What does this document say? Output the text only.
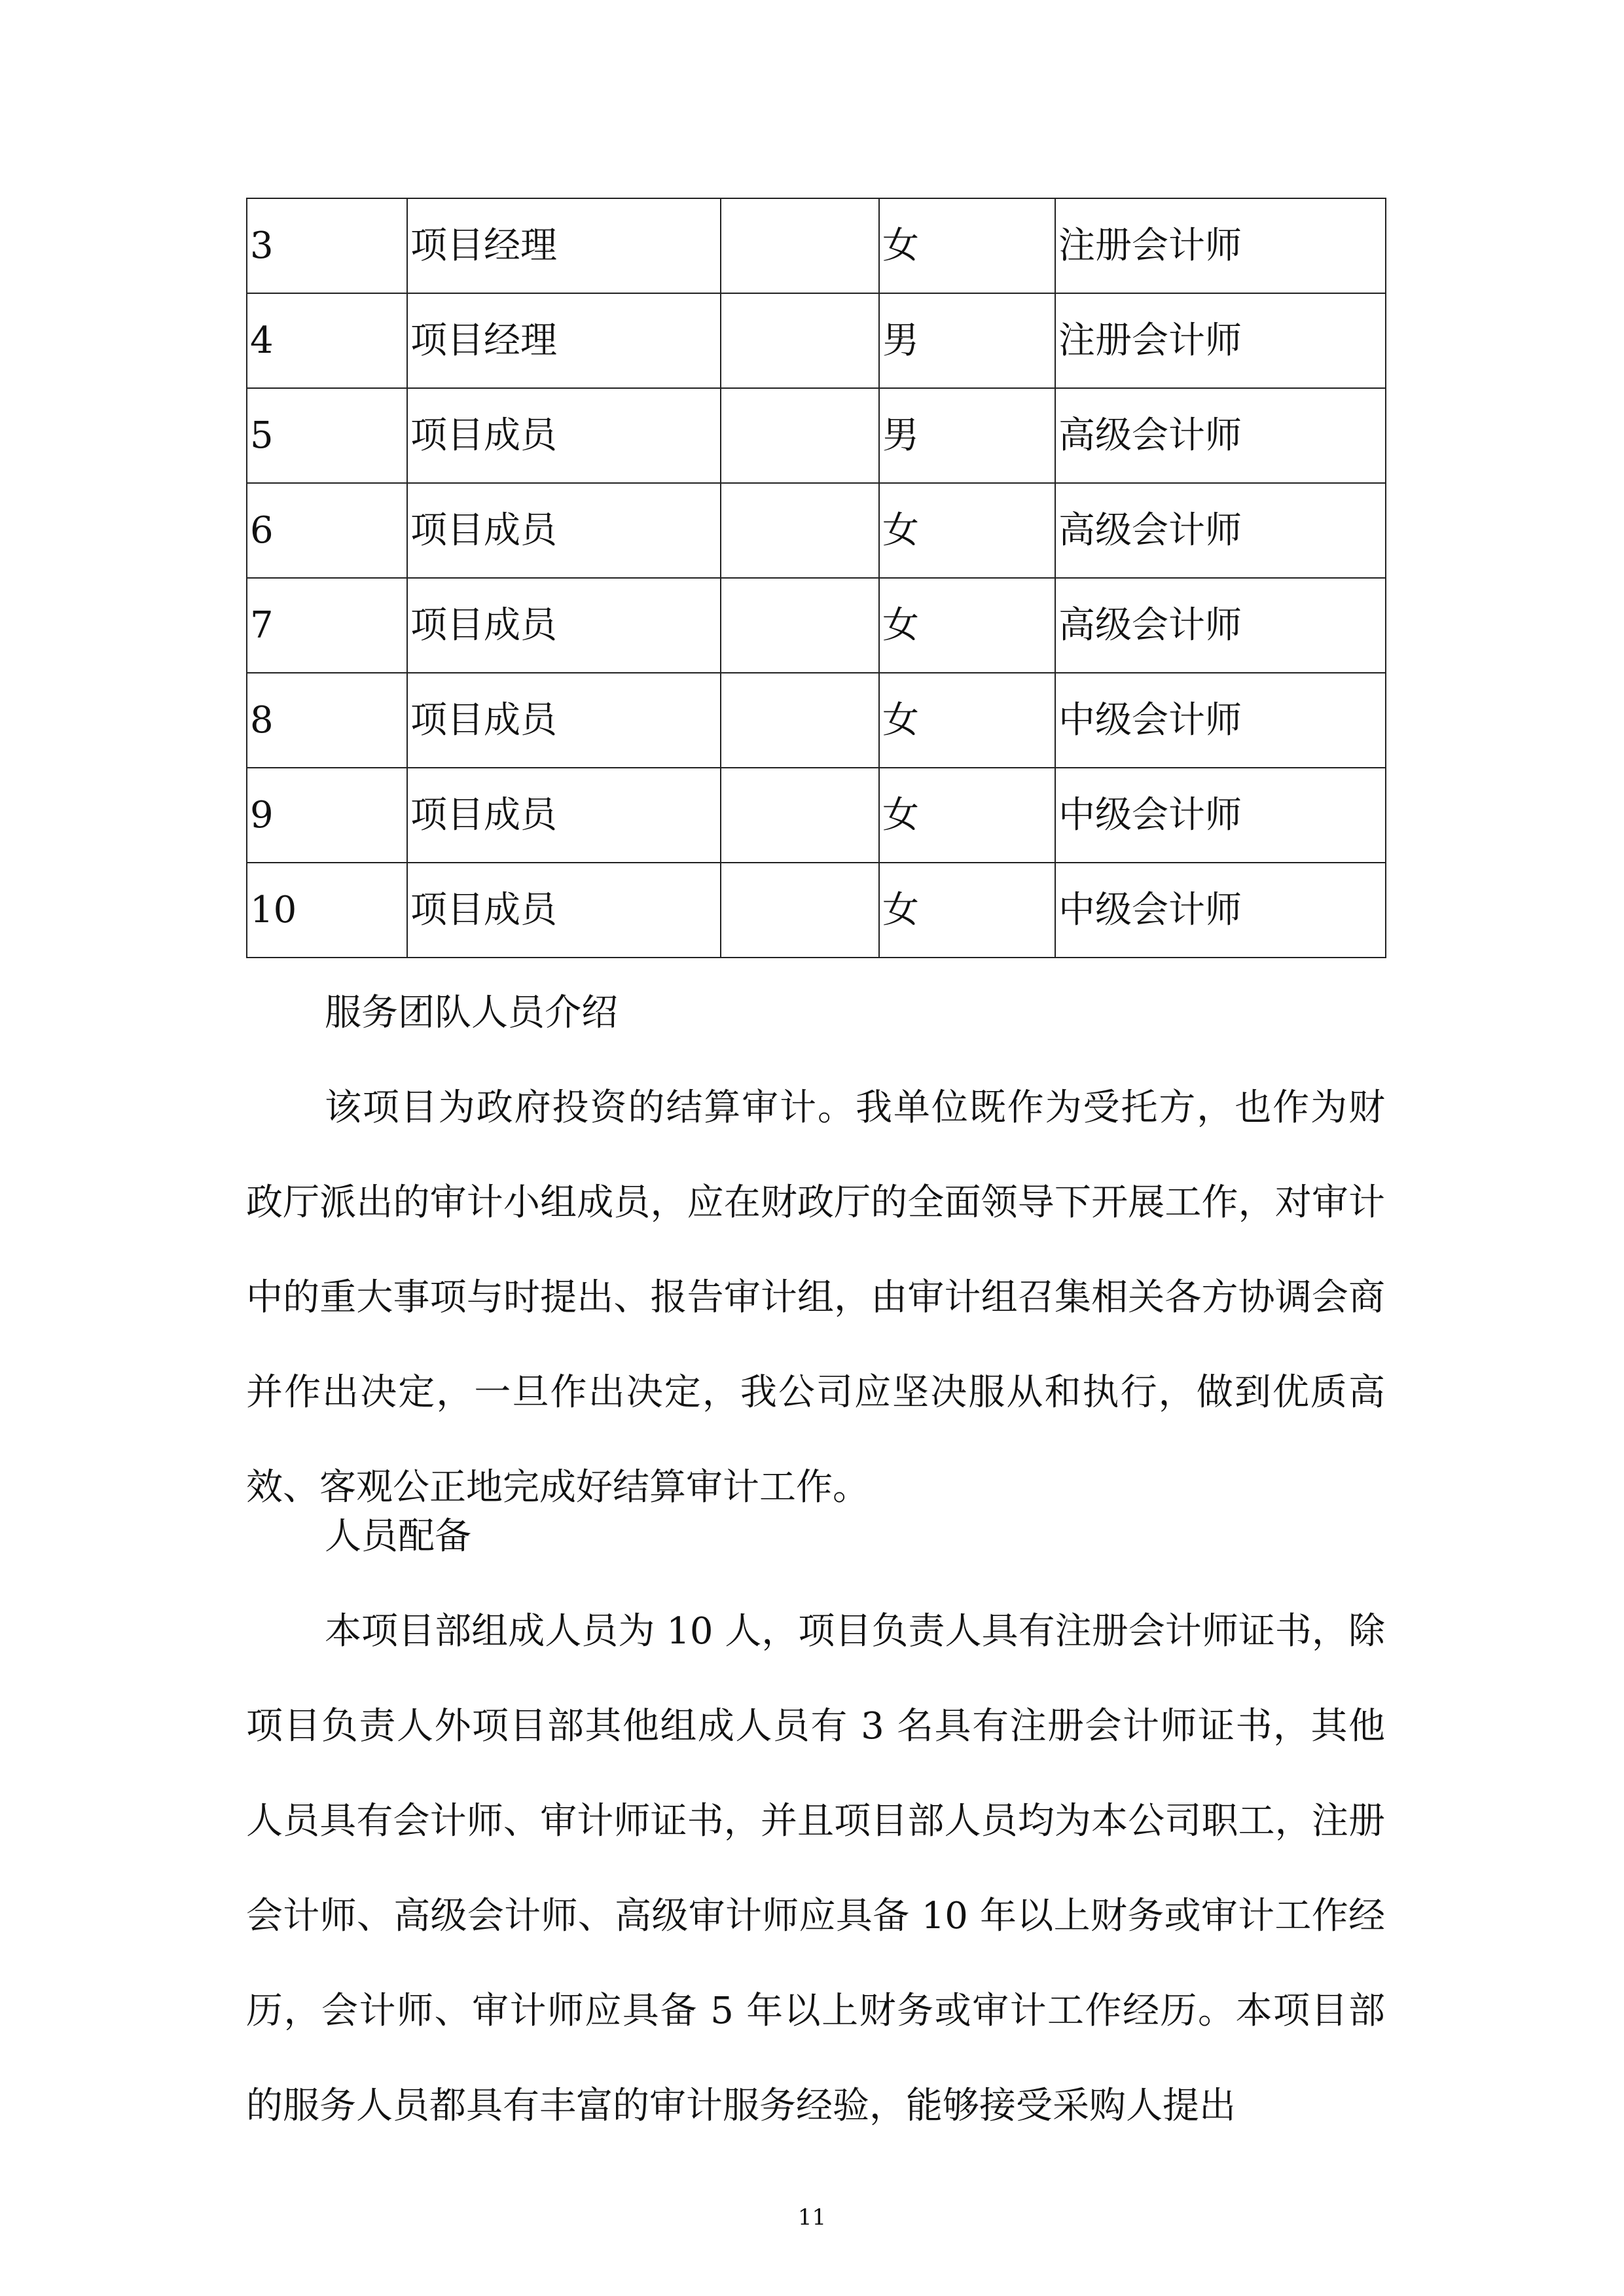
3	项目经理		女	注册会计师
4	项目经理		男	注册会计师
5	项目成员		男	高级会计师
6	项目成员		女	高级会计师
7	项目成员		女	高级会计师
8	项目成员		女	中级会计师
9	项目成员		女	中级会计师
10	项目成员		女	中级会计师
服务团队人员介绍
该项目为政府投资的结算审计。我单位既作为受托方，也作为财政厅派出的审计小组成员，应在财政厅的全面领导下开展工作，对审计中的重大事项与时提出、报告审计组，由审计组召集相关各方协调会商并作出决定，一旦作出决定，我公司应坚决服从和执行，做到优质高效、客观公正地完成好结算审计工作。
人员配备
本项目部组成人员为 10 人，项目负责人具有注册会计师证书，除项目负责人外项目部其他组成人员有 3 名具有注册会计师证书，其他人员具有会计师、审计师证书，并且项目部人员均为本公司职工，注册会计师、高级会计师、高级审计师应具备 10 年以上财务或审计工作经历，会计师、审计师应具备 5 年以上财务或审计工作经历。本项目部的服务人员都具有丰富的审计服务经验，能够接受采购人提出
11
